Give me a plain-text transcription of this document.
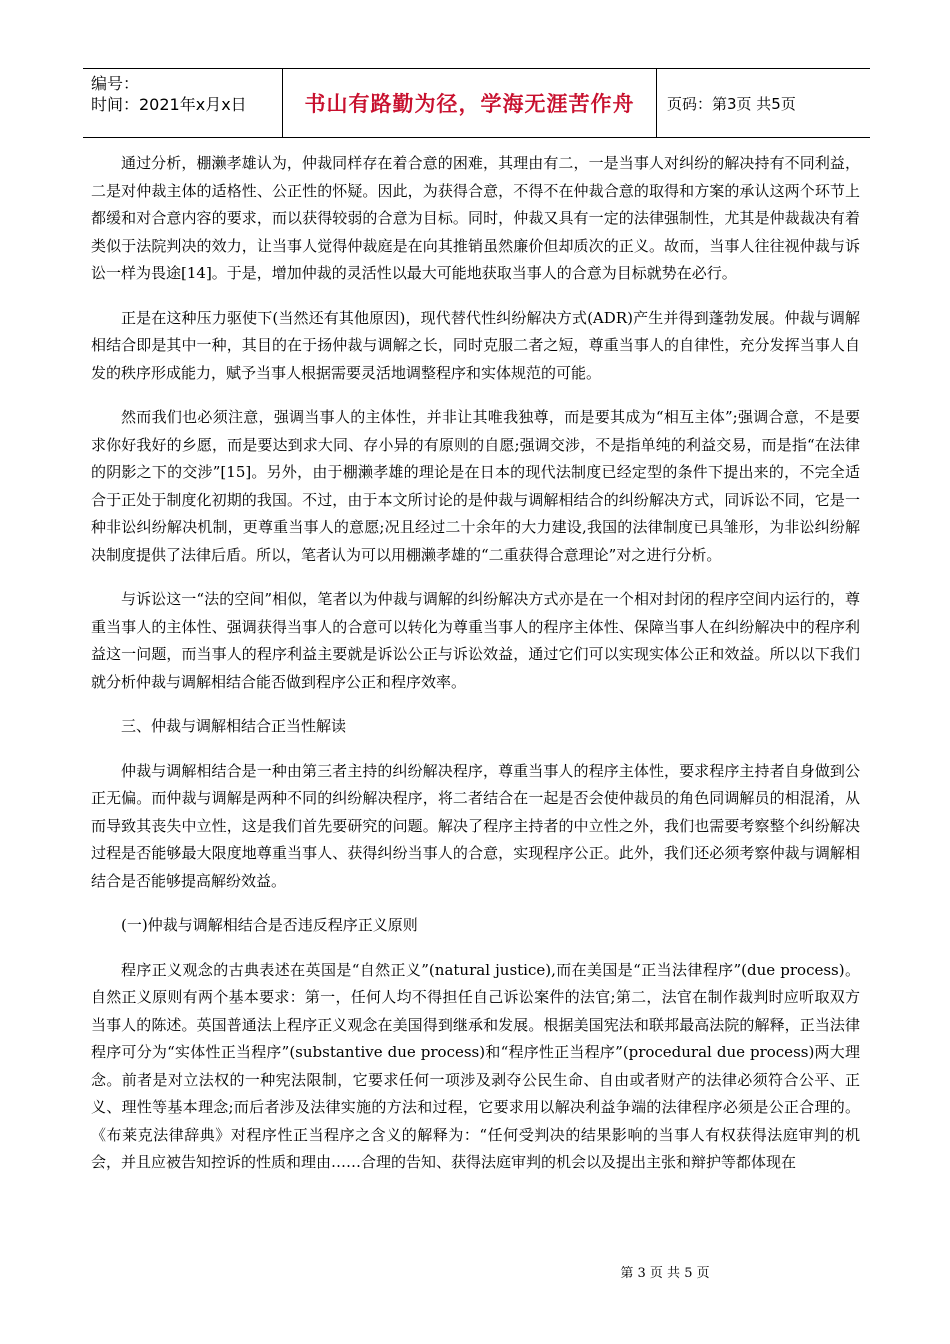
编号：
时间：2021年x月x日	书山有路勤为径，学海无涯苦作舟	页码：第3页 共5页

通过分析，棚濑孝雄认为，仲裁同样存在着合意的困难，其理由有二，一是当事人对纠纷的解决持有不同利益，二是对仲裁主体的适格性、公正性的怀疑。因此，为获得合意，不得不在仲裁合意的取得和方案的承认这两个环节上都缓和对合意内容的要求，而以获得较弱的合意为目标。同时，仲裁又具有一定的法律强制性，尤其是仲裁裁决有着类似于法院判决的效力，让当事人觉得仲裁庭是在向其推销虽然廉价但却质次的正义。故而，当事人往往视仲裁与诉讼一样为畏途[14]。于是，增加仲裁的灵活性以最大可能地获取当事人的合意为目标就势在必行。

正是在这种压力驱使下(当然还有其他原因)，现代替代性纠纷解决方式(ADR)产生并得到蓬勃发展。仲裁与调解相结合即是其中一种，其目的在于扬仲裁与调解之长，同时克服二者之短，尊重当事人的自律性，充分发挥当事人自发的秩序形成能力，赋予当事人根据需要灵活地调整程序和实体规范的可能。

然而我们也必须注意，强调当事人的主体性，并非让其唯我独尊，而是要其成为“相互主体”;强调合意，不是要求你好我好的乡愿，而是要达到求大同、存小异的有原则的自愿;强调交涉，不是指单纯的利益交易，而是指“在法律的阴影之下的交涉”[15]。另外，由于棚濑孝雄的理论是在日本的现代法制度已经定型的条件下提出来的，不完全适合于正处于制度化初期的我国。不过，由于本文所讨论的是仲裁与调解相结合的纠纷解决方式，同诉讼不同，它是一种非讼纠纷解决机制，更尊重当事人的意愿;况且经过二十余年的大力建设,我国的法律制度已具雏形，为非讼纠纷解决制度提供了法律后盾。所以，笔者认为可以用棚濑孝雄的“二重获得合意理论”对之进行分析。

与诉讼这一“法的空间”相似，笔者以为仲裁与调解的纠纷解决方式亦是在一个相对封闭的程序空间内运行的，尊重当事人的主体性、强调获得当事人的合意可以转化为尊重当事人的程序主体性、保障当事人在纠纷解决中的程序利益这一问题，而当事人的程序利益主要就是诉讼公正与诉讼效益，通过它们可以实现实体公正和效益。所以以下我们就分析仲裁与调解相结合能否做到程序公正和程序效率。

三、仲裁与调解相结合正当性解读

仲裁与调解相结合是一种由第三者主持的纠纷解决程序，尊重当事人的程序主体性，要求程序主持者自身做到公正无偏。而仲裁与调解是两种不同的纠纷解决程序，将二者结合在一起是否会使仲裁员的角色同调解员的相混淆，从而导致其丧失中立性，这是我们首先要研究的问题。解决了程序主持者的中立性之外，我们也需要考察整个纠纷解决过程是否能够最大限度地尊重当事人、获得纠纷当事人的合意，实现程序公正。此外，我们还必须考察仲裁与调解相结合是否能够提高解纷效益。

(一)仲裁与调解相结合是否违反程序正义原则

程序正义观念的古典表述在英国是“自然正义”(natural justice),而在美国是“正当法律程序”(due process)。自然正义原则有两个基本要求：第一，任何人均不得担任自己诉讼案件的法官;第二，法官在制作裁判时应听取双方当事人的陈述。英国普通法上程序正义观念在美国得到继承和发展。根据美国宪法和联邦最高法院的解释，正当法律程序可分为“实体性正当程序”(substantive due process)和“程序性正当程序”(procedural due process)两大理念。前者是对立法权的一种宪法限制，它要求任何一项涉及剥夺公民生命、自由或者财产的法律必须符合公平、正义、理性等基本理念;而后者涉及法律实施的方法和过程，它要求用以解决利益争端的法律程序必须是公正合理的。《布莱克法律辞典》对程序性正当程序之含义的解释为：“任何受判决的结果影响的当事人有权获得法庭审判的机会，并且应被告知控诉的性质和理由……合理的告知、获得法庭审判的机会以及提出主张和辩护等都体现在

第 3 页 共 5 页
